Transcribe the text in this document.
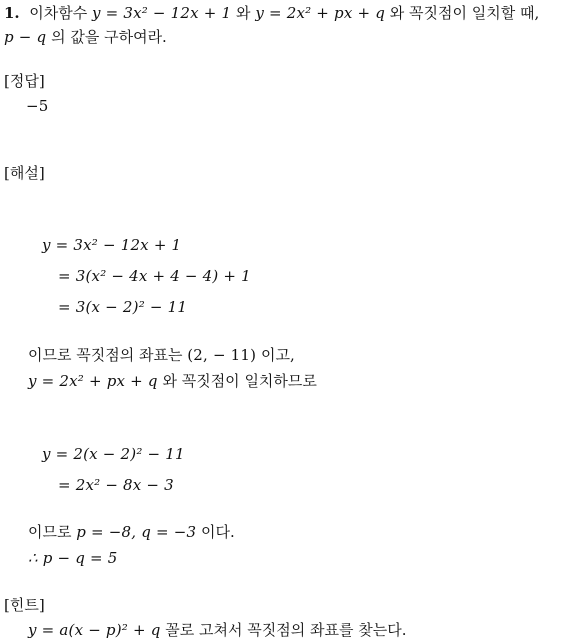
1. 이차함수 y = 3x² − 12x + 1 와 y = 2x² + px + q 와 꼭짓점이 일치할 때,
p − q 의 값을 구하여라.
[정답]
−5
[해설]
y = 3x² − 12x + 1
= 3(x² − 4x + 4 − 4) + 1
= 3(x − 2)² − 11
이므로 꼭짓점의 좌표는 (2, − 11) 이고,
y = 2x² + px + q 와 꼭짓점이 일치하므로
y = 2(x − 2)² − 11
= 2x² − 8x − 3
이므로 p = −8, q = −3 이다.
∴ p − q = 5
[힌트]
y = a(x − p)² + q 꼴로 고쳐서 꼭짓점의 좌표를 찾는다.
